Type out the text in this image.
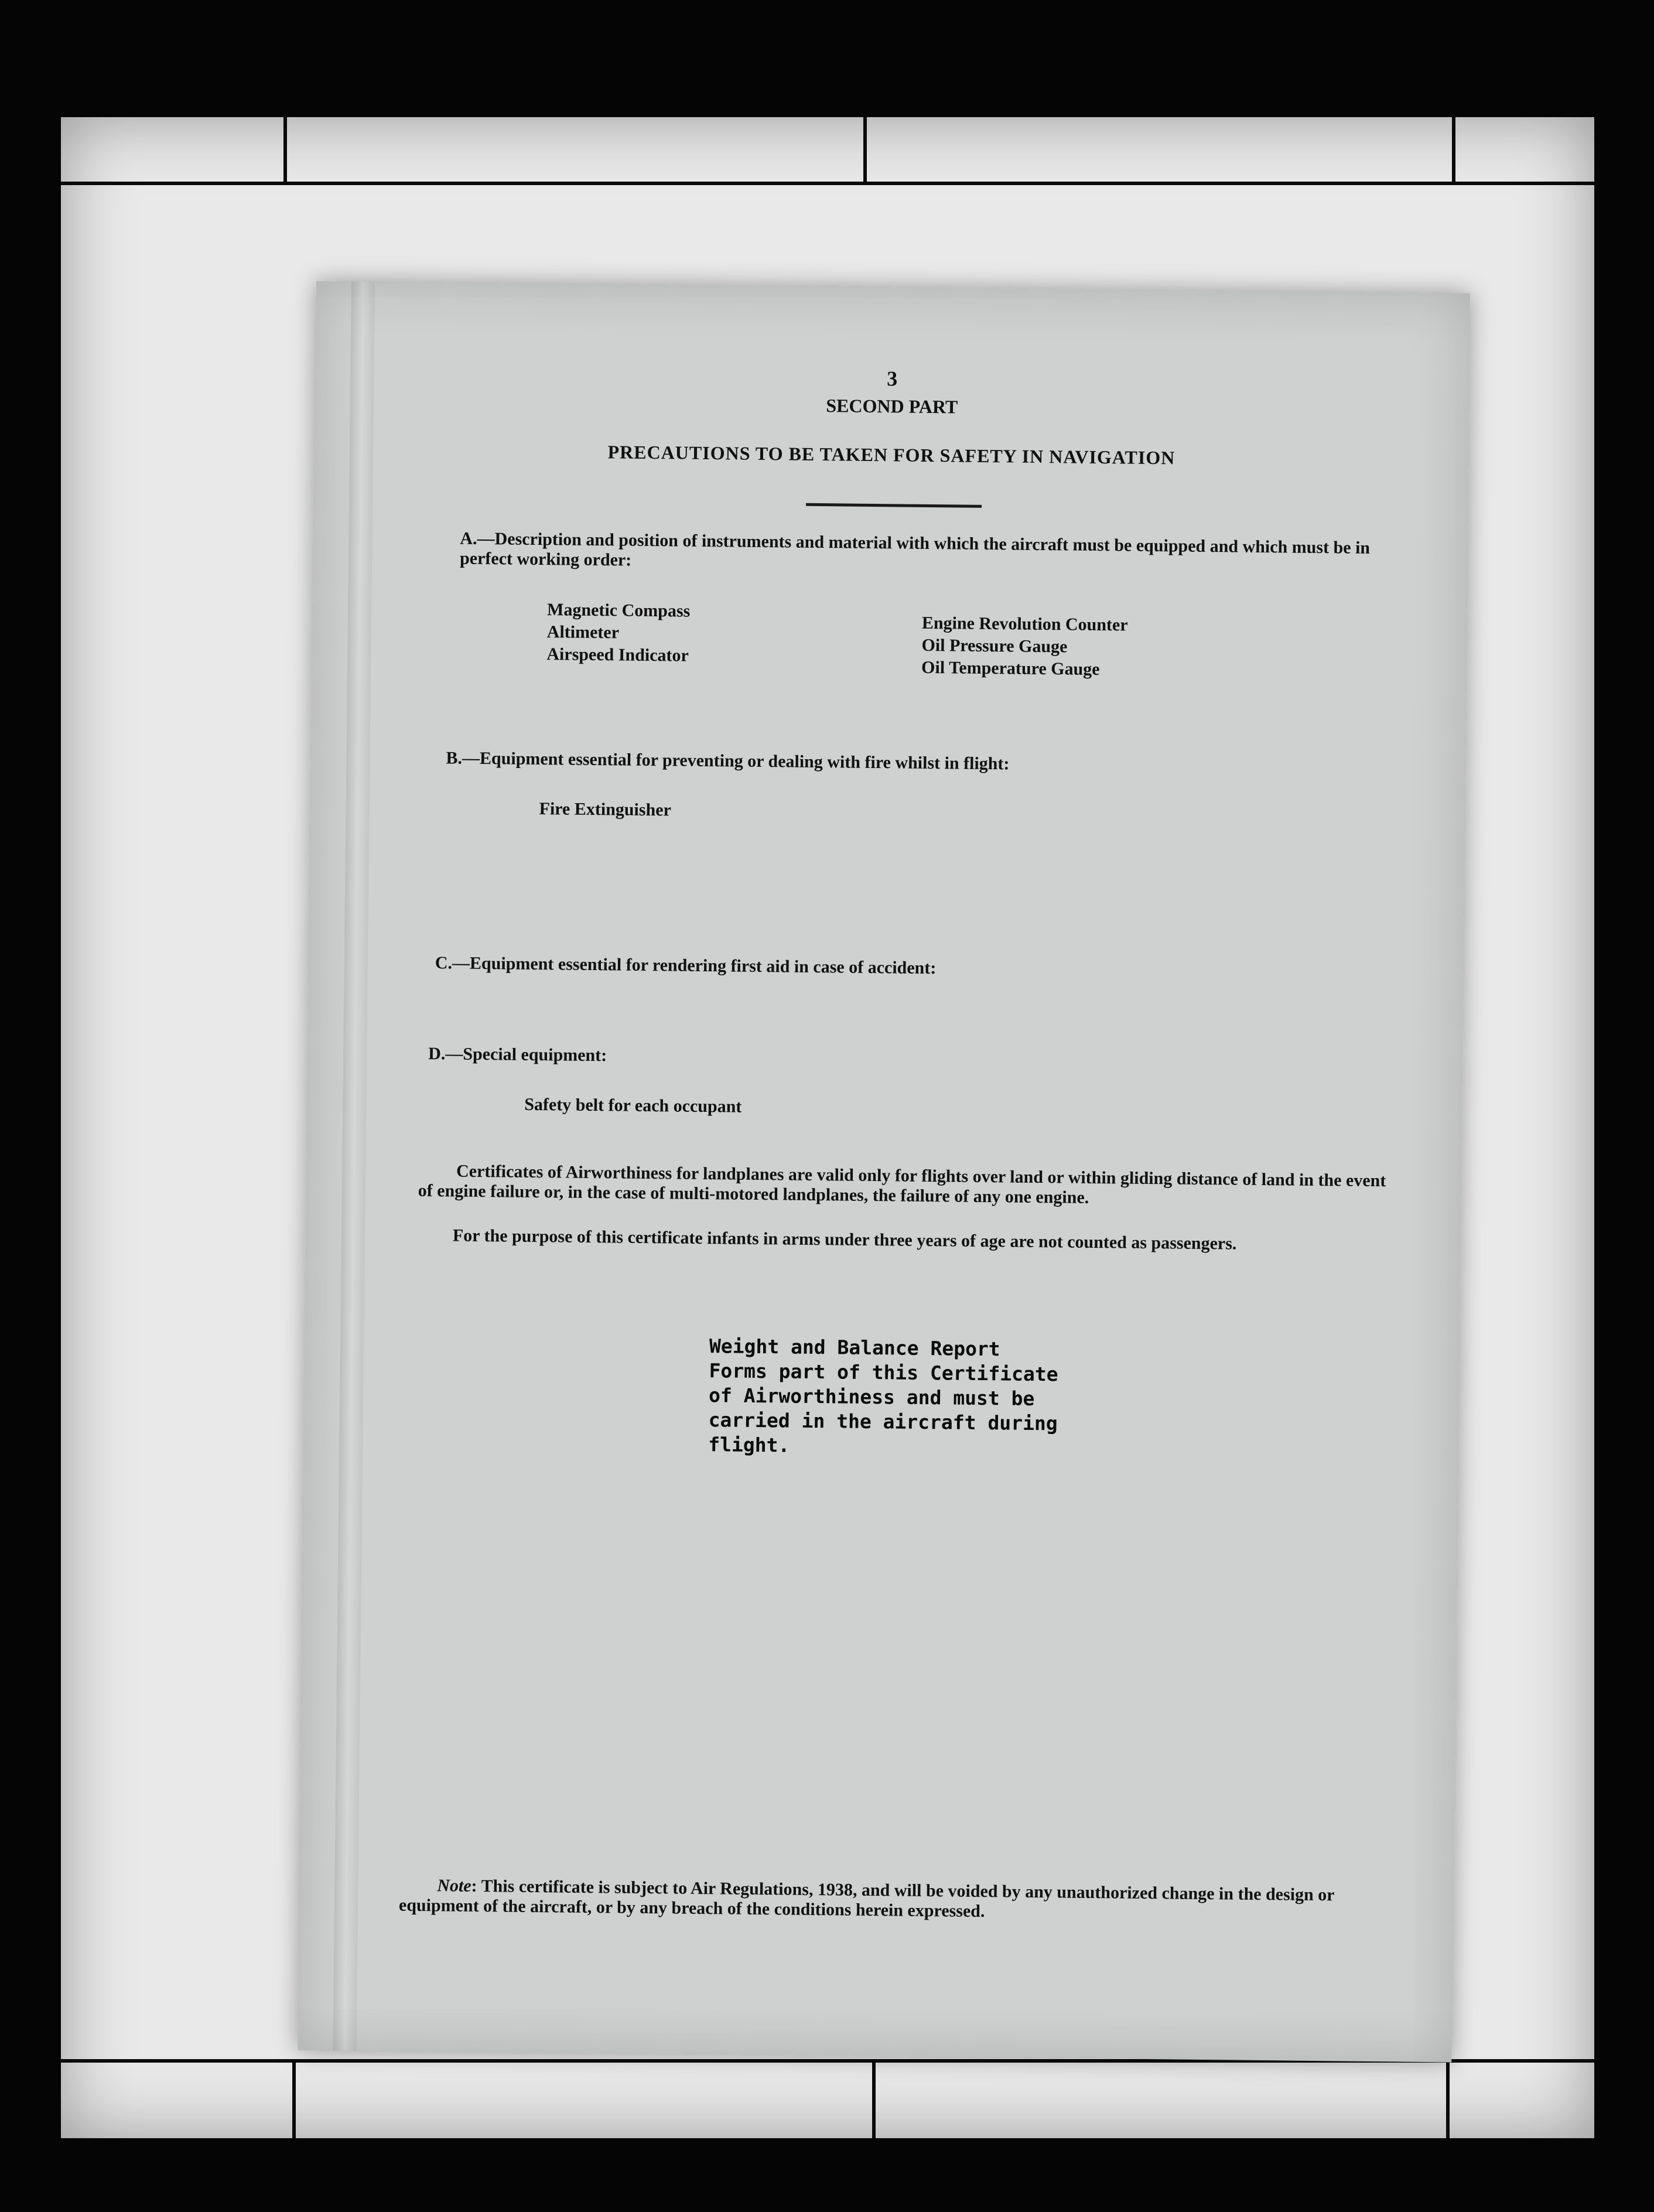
3
SECOND PART
PRECAUTIONS TO BE TAKEN FOR SAFETY IN NAVIGATION
A.—Description and position of instruments and material with which the aircraft must be equipped and which must be in perfect working order:
Magnetic Compass
Altimeter
Airspeed Indicator
Engine Revolution Counter
Oil Pressure Gauge
Oil Temperature Gauge
B.—Equipment essential for preventing or dealing with fire whilst in flight:
Fire Extinguisher
C.—Equipment essential for rendering first aid in case of accident:
D.—Special equipment:
Safety belt for each occupant
Certificates of Airworthiness for landplanes are valid only for flights over land or within gliding distance of land in the event of engine failure or, in the case of multi-motored landplanes, the failure of any one engine.
For the purpose of this certificate infants in arms under three years of age are not counted as passengers.
Weight and Balance Report
Forms part of this Certificate
of Airworthiness and must be
carried in the aircraft during
flight.
Note: This certificate is subject to Air Regulations, 1938, and will be voided by any unauthorized change in the design or equipment of the aircraft, or by any breach of the conditions herein expressed.
